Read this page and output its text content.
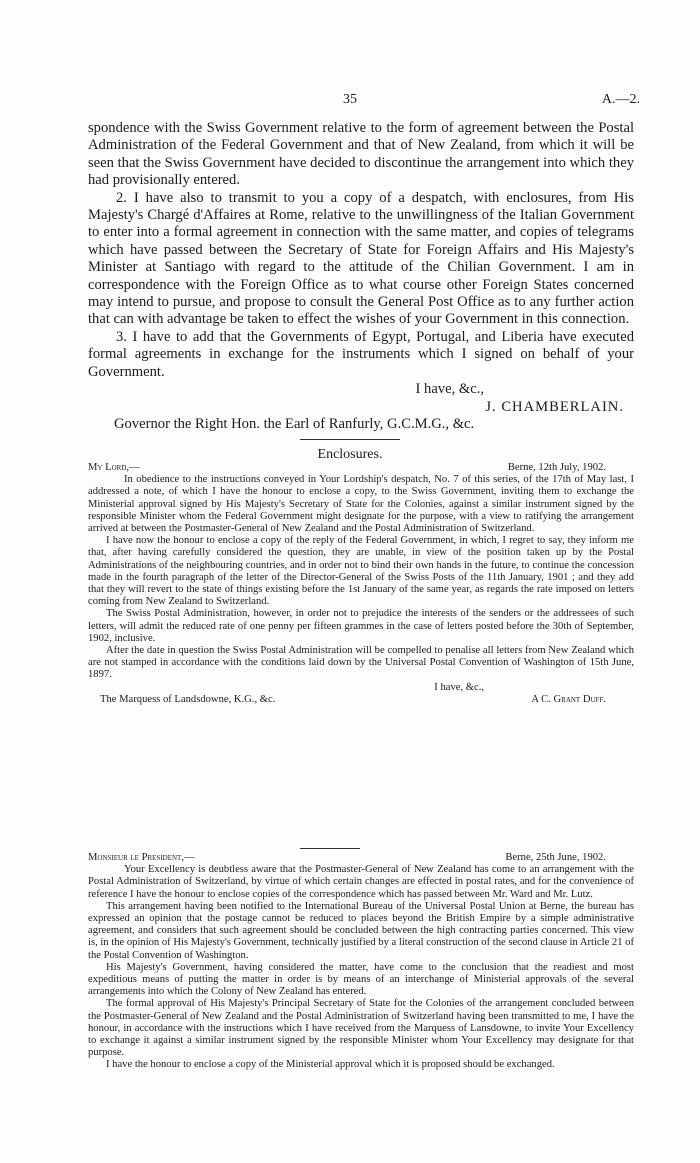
35	A.—2.

spondence with the Swiss Government relative to the form of agreement between the Postal Administration of the Federal Government and that of New Zealand, from which it will be seen that the Swiss Government have decided to discontinue the arrangement into which they had provisionally entered.

2. I have also to transmit to you a copy of a despatch, with enclosures, from His Majesty's Chargé d'Affaires at Rome, relative to the unwillingness of the Italian Government to enter into a formal agreement in connection with the same matter, and copies of telegrams which have passed between the Secretary of State for Foreign Affairs and His Majesty's Minister at Santiago with regard to the attitude of the Chilian Government. I am in correspondence with the Foreign Office as to what course other Foreign States concerned may intend to pursue, and propose to consult the General Post Office as to any further action that can with advantage be taken to effect the wishes of your Government in this connection.

3. I have to add that the Governments of Egypt, Portugal, and Liberia have executed formal agreements in exchange for the instruments which I signed on behalf of your Government.

I have, &c.,

J. CHAMBERLAIN.

Governor the Right Hon. the Earl of Ranfurly, G.C.M.G., &c.

Enclosures.
My Lord,—	Berne, 12th July, 1902.

In obedience to the instructions conveyed in Your Lordship's despatch, No. 7 of this series, of the 17th of May last, I addressed a note, of which I have the honour to enclose a copy, to the Swiss Government, inviting them to exchange the Ministerial approval signed by His Majesty's Secretary of State for the Colonies, against a similar instrument signed by the responsible Minister whom the Federal Government might designate for the purpose, with a view to ratifying the arrangement arrived at between the Postmaster-General of New Zealand and the Postal Administration of Switzerland.

I have now the honour to enclose a copy of the reply of the Federal Government, in which, I regret to say, they inform me that, after having carefully considered the question, they are unable, in view of the position taken up by the Postal Administrations of the neighbouring countries, and in order not to bind their own hands in the future, to continue the concession made in the fourth paragraph of the letter of the Director-General of the Swiss Posts of the 11th January, 1901 ; and they add that they will revert to the state of things existing before the 1st January of the same year, as regards the rate imposed on letters coming from New Zealand to Switzerland.

The Swiss Postal Administration, however, in order not to prejudice the interests of the senders or the addressees of such letters, will admit the reduced rate of one penny per fifteen grammes in the case of letters posted before the 30th of September, 1902, inclusive.

After the date in question the Swiss Postal Administration will be compelled to penalise all letters from New Zealand which are not stamped in accordance with the conditions laid down by the Universal Postal Convention of Washington of 15th June, 1897.

I have, &c.,

The Marquess of Landsdowne, K.G., &c.	A C. Grant Duff.
Monsieur le President,—	Berne, 25th June, 1902.

Your Excellency is deubtless aware that the Postmaster-General of New Zealand has come to an arrangement with the Postal Administration of Switzerland, by virtue of which certain changes are effected in postal rates, and for the convenience of reference I have the honour to enclose copies of the correspondence which has passed between Mr. Ward and Mr. Lutz.

This arrangement having been notified to the International Bureau of the Universal Postal Union at Berne, the bureau has expressed an opinion that the postage cannot be reduced to places beyond the British Empire by a simple administrative agreement, and considers that such agreement should be concluded between the high contracting parties concerned. This view is, in the opinion of His Majesty's Government, technically justified by a literal construction of the second clause in Article 21 of the Postal Convention of Washington.

His Majesty's Government, having considered the matter, have come to the conclusion that the readiest and most expeditious means of putting the matter in order is by means of an interchange of Ministerial approvals of the several arrangements into which the Colony of New Zealand has entered.

The formal approval of His Majesty's Principal Secretary of State for the Colonies of the arrangement concluded between the Postmaster-General of New Zealand and the Postal Administration of Switzerland having been transmitted to me, I have the honour, in accordance with the instructions which I have received from the Marquess of Lansdowne, to invite Your Excellency to exchange it against a similar instrument signed by the responsible Minister whom Your Excellency may designate for that purpose.

I have the honour to enclose a copy of the Ministerial approval which it is proposed should be exchanged.
